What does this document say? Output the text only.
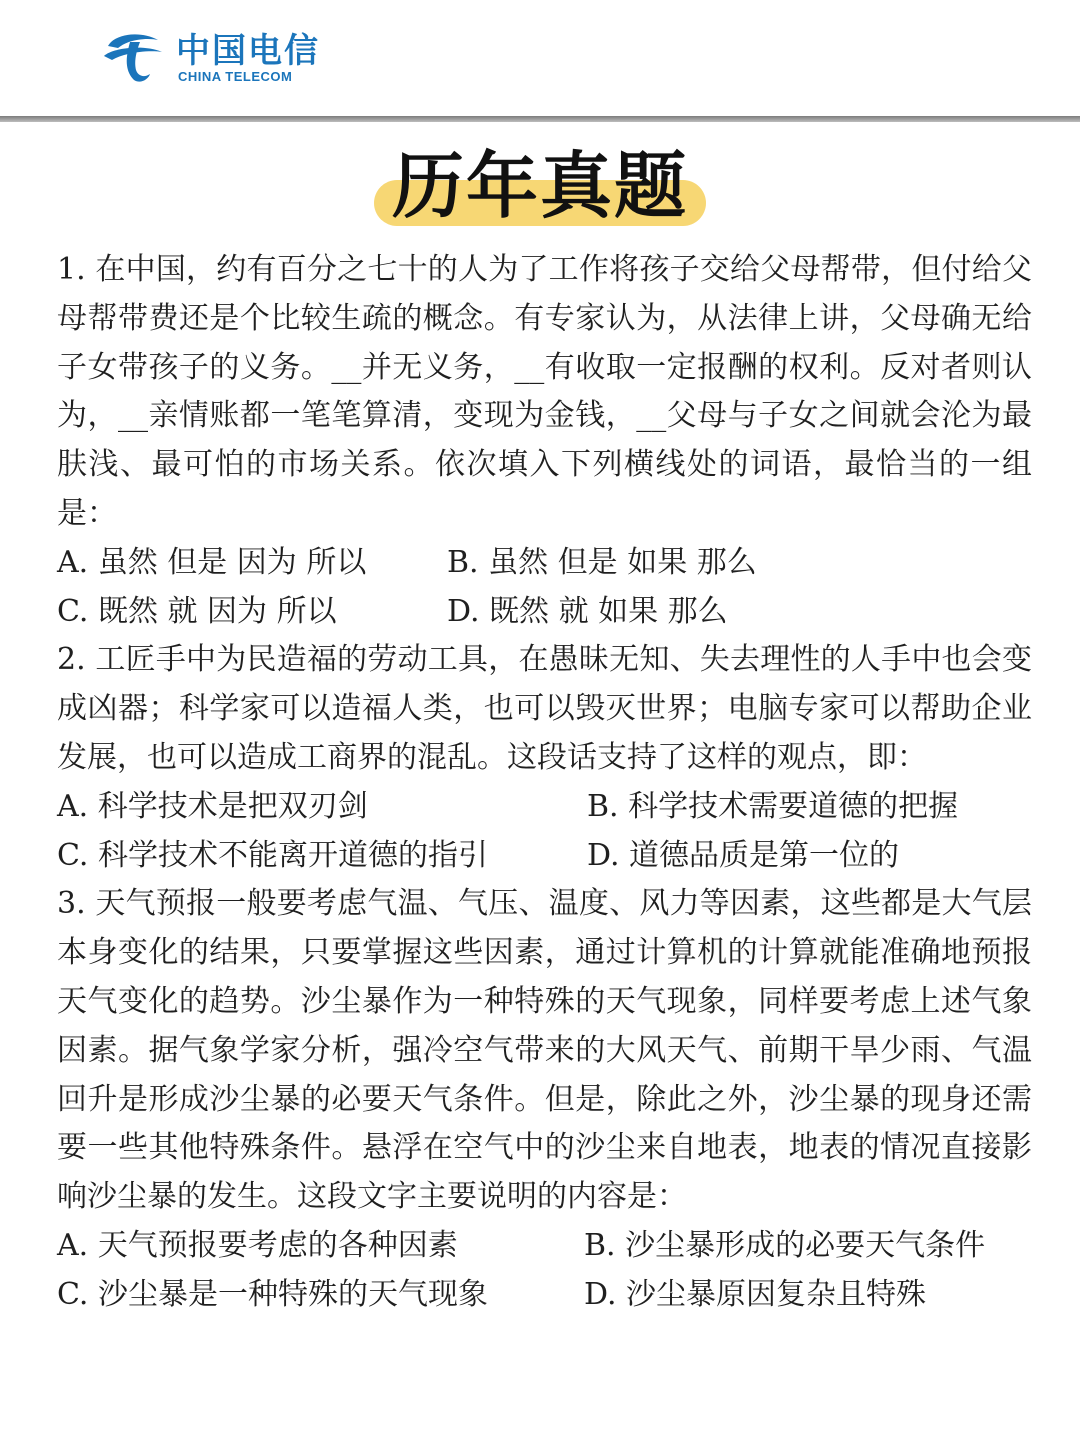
中国电信
CHINA TELECOM
历年真题

1. 在中国，约有百分之七十的人为了工作将孩子交给父母帮带，但付给父母帮带费还是个比较生疏的概念。有专家认为，从法律上讲，父母确无给子女带孩子的义务。__并无义务，__有收取一定报酬的权利。反对者则认为，__亲情账都一笔笔算清，变现为金钱，__父母与子女之间就会沦为最肤浅、最可怕的市场关系。依次填入下列横线处的词语，最恰当的一组是：

A. 虽然 但是 因为 所以	B. 虽然 但是 如果 那么
C. 既然 就 因为 所以	D. 既然 就 如果 那么

2. 工匠手中为民造福的劳动工具，在愚昧无知、失去理性的人手中也会变成凶器；科学家可以造福人类，也可以毁灭世界；电脑专家可以帮助企业发展，也可以造成工商界的混乱。这段话支持了这样的观点，即：

A. 科学技术是把双刃剑	B. 科学技术需要道德的把握
C. 科学技术不能离开道德的指引	D. 道德品质是第一位的

3. 天气预报一般要考虑气温、气压、温度、风力等因素，这些都是大气层本身变化的结果，只要掌握这些因素，通过计算机的计算就能准确地预报天气变化的趋势。沙尘暴作为一种特殊的天气现象，同样要考虑上述气象因素。据气象学家分析，强冷空气带来的大风天气、前期干旱少雨、气温回升是形成沙尘暴的必要天气条件。但是，除此之外，沙尘暴的现身还需要一些其他特殊条件。悬浮在空气中的沙尘来自地表，地表的情况直接影响沙尘暴的发生。这段文字主要说明的内容是：

A. 天气预报要考虑的各种因素	B. 沙尘暴形成的必要天气条件
C. 沙尘暴是一种特殊的天气现象	D. 沙尘暴原因复杂且特殊
